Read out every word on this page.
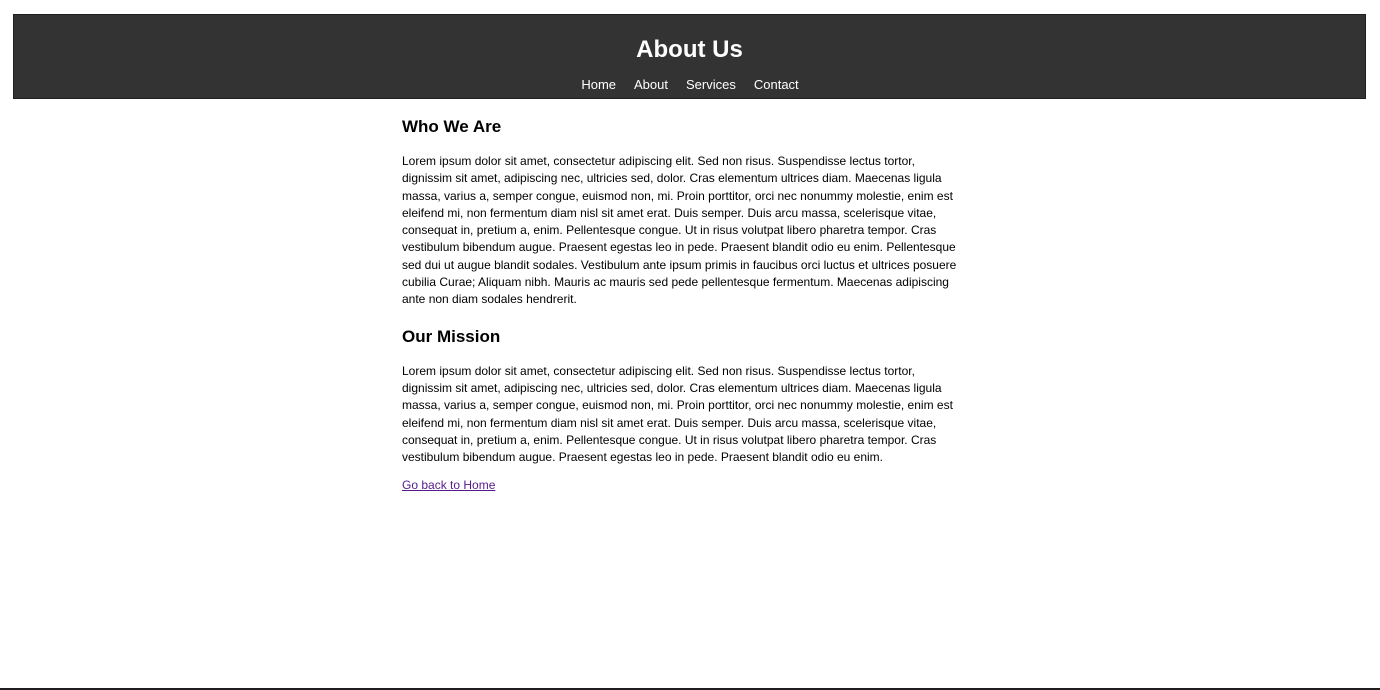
About Us
Home About Services Contact
Who We Are

Lorem ipsum dolor sit amet, consectetur adipiscing elit. Sed non risus. Suspendisse lectus tortor, dignissim sit amet, adipiscing nec, ultricies sed, dolor. Cras elementum ultrices diam. Maecenas ligula massa, varius a, semper congue, euismod non, mi. Proin porttitor, orci nec nonummy molestie, enim est eleifend mi, non fermentum diam nisl sit amet erat. Duis semper. Duis arcu massa, scelerisque vitae, consequat in, pretium a, enim. Pellentesque congue. Ut in risus volutpat libero pharetra tempor. Cras vestibulum bibendum augue. Praesent egestas leo in pede. Praesent blandit odio eu enim. Pellentesque sed dui ut augue blandit sodales. Vestibulum ante ipsum primis in faucibus orci luctus et ultrices posuere cubilia Curae; Aliquam nibh. Mauris ac mauris sed pede pellentesque fermentum. Maecenas adipiscing ante non diam sodales hendrerit.

Our Mission

Lorem ipsum dolor sit amet, consectetur adipiscing elit. Sed non risus. Suspendisse lectus tortor, dignissim sit amet, adipiscing nec, ultricies sed, dolor. Cras elementum ultrices diam. Maecenas ligula massa, varius a, semper congue, euismod non, mi. Proin porttitor, orci nec nonummy molestie, enim est eleifend mi, non fermentum diam nisl sit amet erat. Duis semper. Duis arcu massa, scelerisque vitae, consequat in, pretium a, enim. Pellentesque congue. Ut in risus volutpat libero pharetra tempor. Cras vestibulum bibendum augue. Praesent egestas leo in pede. Praesent blandit odio eu enim.

Go back to Home
